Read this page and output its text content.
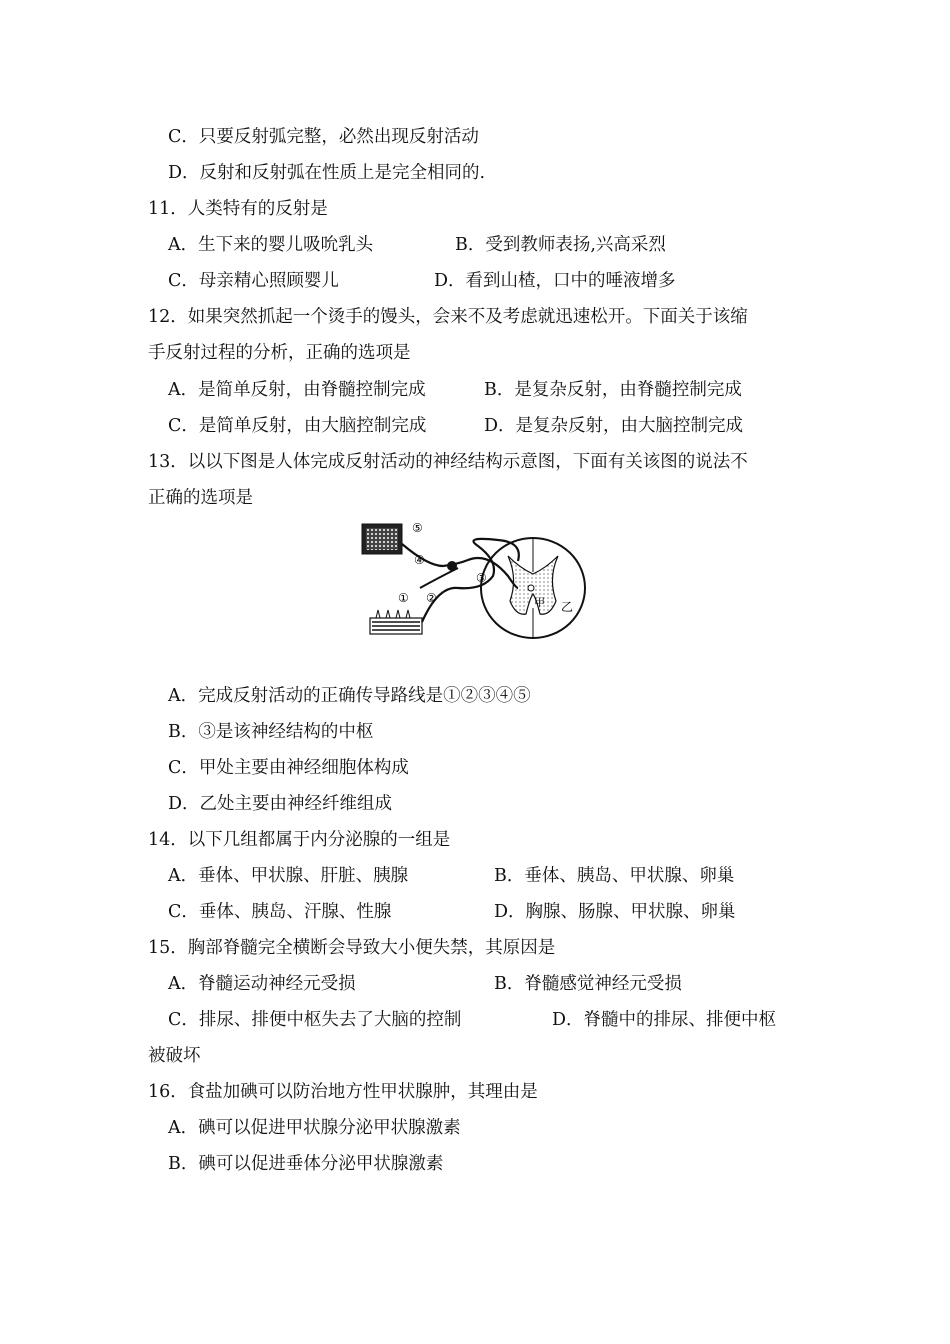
C．只要反射弧完整，必然出现反射活动
D．反射和反射弧在性质上是完全相同的.
11．人类特有的反射是
A．生下来的婴儿吸吮乳头	B．受到教师表扬,兴高采烈
C．母亲精心照顾婴儿	D．看到山楂，口中的唾液增多
12．如果突然抓起一个烫手的馒头，会来不及考虑就迅速松开。下面关于该缩
手反射过程的分析，正确的选项是
A．是简单反射，由脊髓控制完成	B．是复杂反射，由脊髓控制完成
C．是简单反射，由大脑控制完成	D．是复杂反射，由大脑控制完成
13．以以下图是人体完成反射活动的神经结构示意图，下面有关该图的说法不
正确的选项是
⑤
④
① ②
③
甲 乙
A．完成反射活动的正确传导路线是①②③④⑤
B．③是该神经结构的中枢
C．甲处主要由神经细胞体构成
D．乙处主要由神经纤维组成
14．以下几组都属于内分泌腺的一组是
A．垂体、甲状腺、肝脏、胰腺	B．垂体、胰岛、甲状腺、卵巢
C．垂体、胰岛、汗腺、性腺	D．胸腺、肠腺、甲状腺、卵巢
15．胸部脊髓完全横断会导致大小便失禁，其原因是
A．脊髓运动神经元受损	B．脊髓感觉神经元受损
C．排尿、排便中枢失去了大脑的控制	D．脊髓中的排尿、排便中枢
被破坏
16．食盐加碘可以防治地方性甲状腺肿，其理由是
A．碘可以促进甲状腺分泌甲状腺激素
B．碘可以促进垂体分泌甲状腺激素
